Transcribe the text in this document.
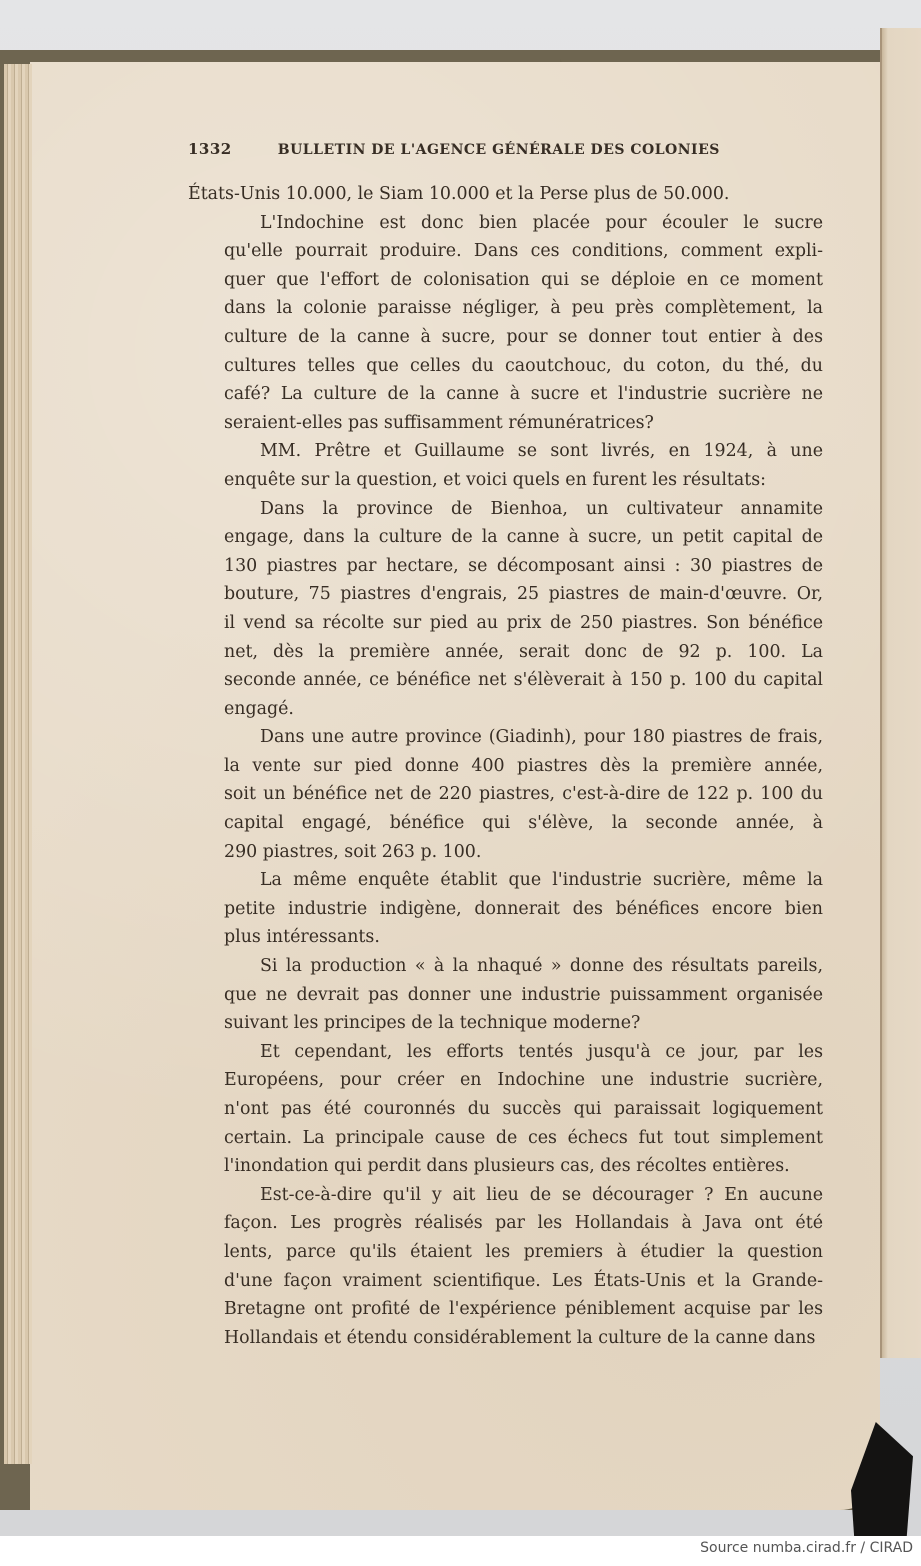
1332	BULLETIN DE L'AGENCE GÉNÉRALE DES COLONIES

États-Unis 10.000, le Siam 10.000 et la Perse plus de 50.000.

L'Indochine est donc bien placée pour écouler le sucre
qu'elle pourrait produire. Dans ces conditions, comment expli-
quer que l'effort de colonisation qui se déploie en ce moment
dans la colonie paraisse négliger, à peu près complètement, la
culture de la canne à sucre, pour se donner tout entier à des
cultures telles que celles du caoutchouc, du coton, du thé, du
café? La culture de la canne à sucre et l'industrie sucrière ne
seraient-elles pas suffisamment rémunératrices?

MM. Prêtre et Guillaume se sont livrés, en 1924, à une
enquête sur la question, et voici quels en furent les résultats:

Dans la province de Bienhoa, un cultivateur annamite
engage, dans la culture de la canne à sucre, un petit capital de
130 piastres par hectare, se décomposant ainsi : 30 piastres de
bouture, 75 piastres d'engrais, 25 piastres de main-d'œuvre. Or,
il vend sa récolte sur pied au prix de 250 piastres. Son bénéfice
net, dès la première année, serait donc de 92 p. 100. La
seconde année, ce bénéfice net s'élèverait à 150 p. 100 du capital
engagé.

Dans une autre province (Giadinh), pour 180 piastres de frais,
la vente sur pied donne 400 piastres dès la première année,
soit un bénéfice net de 220 piastres, c'est-à-dire de 122 p. 100 du
capital engagé, bénéfice qui s'élève, la seconde année, à
290 piastres, soit 263 p. 100.

La même enquête établit que l'industrie sucrière, même la
petite industrie indigène, donnerait des bénéfices encore bien
plus intéressants.

Si la production « à la nhaqué » donne des résultats pareils,
que ne devrait pas donner une industrie puissamment organisée
suivant les principes de la technique moderne?

Et cependant, les efforts tentés jusqu'à ce jour, par les
Européens, pour créer en Indochine une industrie sucrière,
n'ont pas été couronnés du succès qui paraissait logiquement
certain. La principale cause de ces échecs fut tout simplement
l'inondation qui perdit dans plusieurs cas, des récoltes entières.

Est-ce-à-dire qu'il y ait lieu de se décourager ? En aucune
façon. Les progrès réalisés par les Hollandais à Java ont été
lents, parce qu'ils étaient les premiers à étudier la question
d'une façon vraiment scientifique. Les États-Unis et la Grande-
Bretagne ont profité de l'expérience péniblement acquise par les
Hollandais et étendu considérablement la culture de la canne dans

Source numba.cirad.fr / CIRAD
